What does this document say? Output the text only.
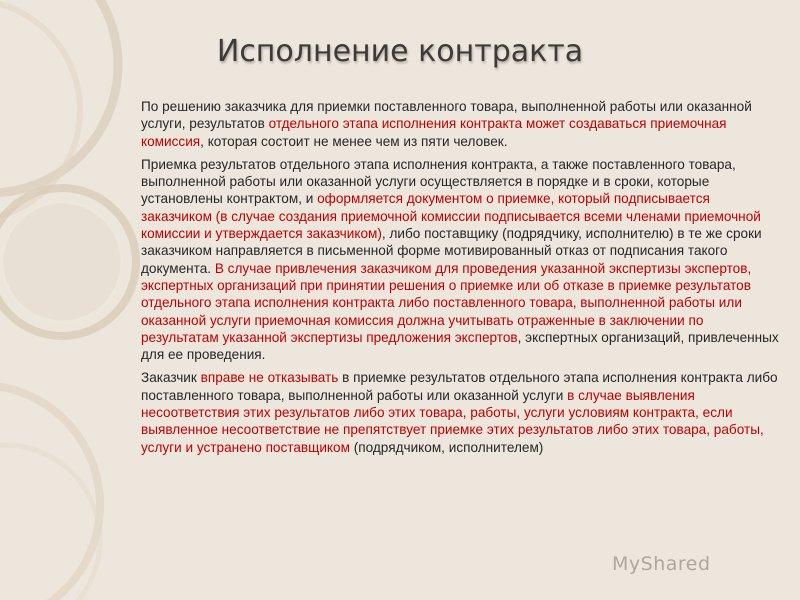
Исполнение контракта

По решению заказчика для приемки поставленного товара, выполненной работы или оказанной услуги, результатов отдельного этапа исполнения контракта может создаваться приемочная комиссия, которая состоит не менее чем из пяти человек.

Приемка результатов отдельного этапа исполнения контракта, а также поставленного товара, выполненной работы или оказанной услуги осуществляется в порядке и в сроки, которые установлены контрактом, и оформляется документом о приемке, который подписывается заказчиком (в случае создания приемочной комиссии подписывается всеми членами приемочной комиссии и утверждается заказчиком), либо поставщику (подрядчику, исполнителю) в те же сроки заказчиком направляется в письменной форме мотивированный отказ от подписания такого документа. В случае привлечения заказчиком для проведения указанной экспертизы экспертов, экспертных организаций при принятии решения о приемке или об отказе в приемке результатов отдельного этапа исполнения контракта либо поставленного товара, выполненной работы или оказанной услуги приемочная комиссия должна учитывать отраженные в заключении по результатам указанной экспертизы предложения экспертов, экспертных организаций, привлеченных для ее проведения.

Заказчик вправе не отказывать в приемке результатов отдельного этапа исполнения контракта либо поставленного товара, выполненной работы или оказанной услуги в случае выявления несоответствия этих результатов либо этих товара, работы, услуги условиям контракта, если выявленное несоответствие не препятствует приемке этих результатов либо этих товара, работы, услуги и устранено поставщиком (подрядчиком, исполнителем)

MyShared
